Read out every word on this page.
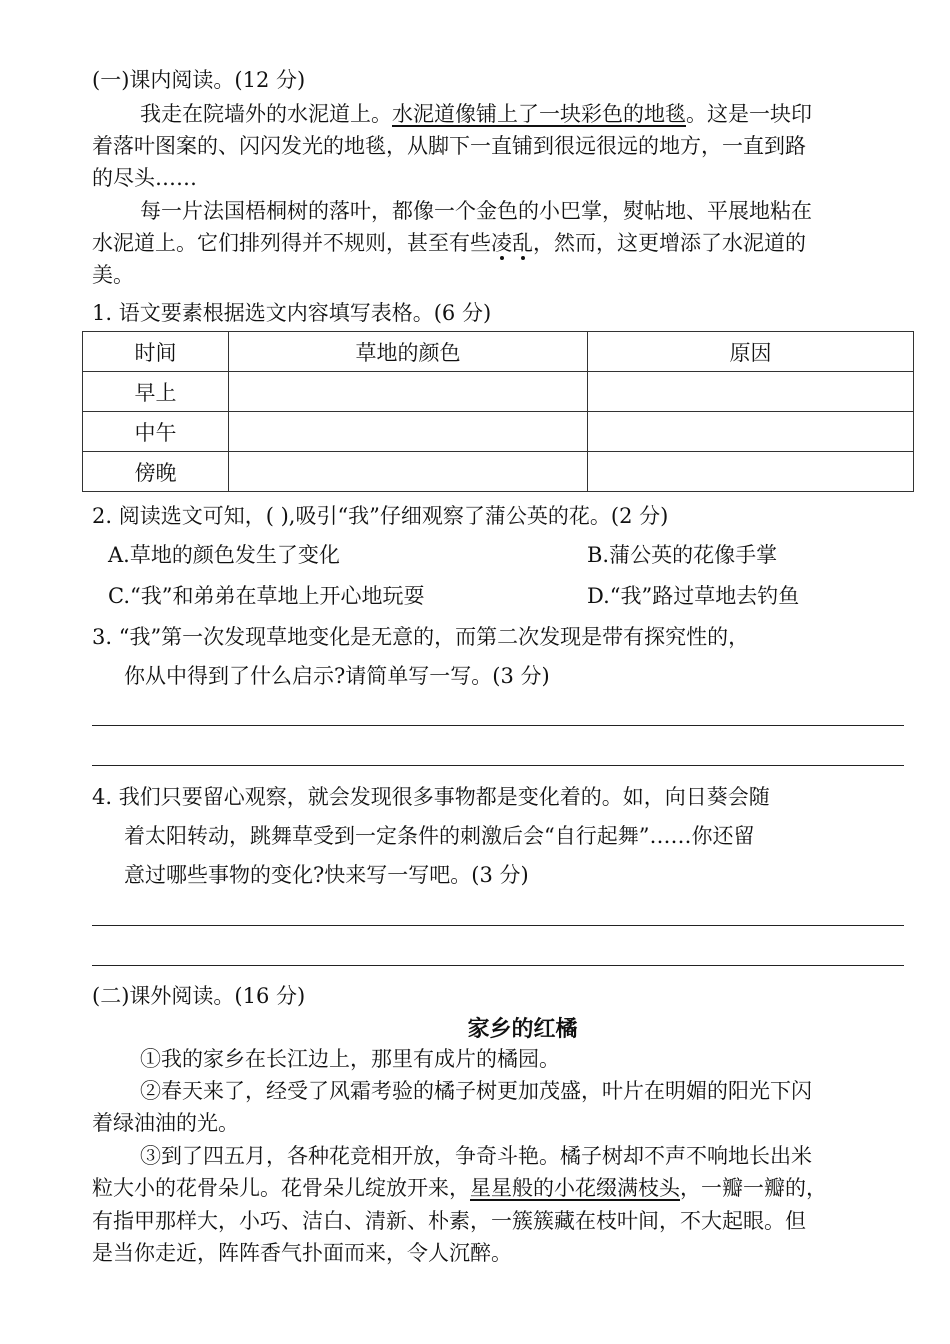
(一)课内阅读。(12 分)
我走在院墙外的水泥道上。水泥道像铺上了一块彩色的地毯。这是一块印
着落叶图案的、闪闪发光的地毯，从脚下一直铺到很远很远的地方，一直到路
的尽头……
每一片法国梧桐树的落叶，都像一个金色的小巴掌，熨帖地、平展地粘在
水泥道上。它们排列得并不规则，甚至有些凌乱，然而，这更增添了水泥道的
美。
1. 语文要素根据选文内容填写表格。(6 分)
时间	草地的颜色	原因
早上		
中午		
傍晚		
2. 阅读选文可知，( ),吸引“我”仔细观察了蒲公英的花。(2 分)
A.草地的颜色发生了变化	B.蒲公英的花像手掌
C.“我”和弟弟在草地上开心地玩耍	D.“我”路过草地去钓鱼
3. “我”第一次发现草地变化是无意的，而第二次发现是带有探究性的，
你从中得到了什么启示?请简单写一写。(3 分)
4. 我们只要留心观察，就会发现很多事物都是变化着的。如，向日葵会随
着太阳转动，跳舞草受到一定条件的刺激后会“自行起舞”……你还留
意过哪些事物的变化?快来写一写吧。(3 分)
(二)课外阅读。(16 分)
家乡的红橘
①我的家乡在长江边上，那里有成片的橘园。
②春天来了，经受了风霜考验的橘子树更加茂盛，叶片在明媚的阳光下闪
着绿油油的光。
③到了四五月，各种花竞相开放，争奇斗艳。橘子树却不声不响地长出米
粒大小的花骨朵儿。花骨朵儿绽放开来，星星般的小花缀满枝头，一瓣一瓣的，
有指甲那样大，小巧、洁白、清新、朴素，一簇簇藏在枝叶间，不大起眼。但
是当你走近，阵阵香气扑面而来，令人沉醉。
